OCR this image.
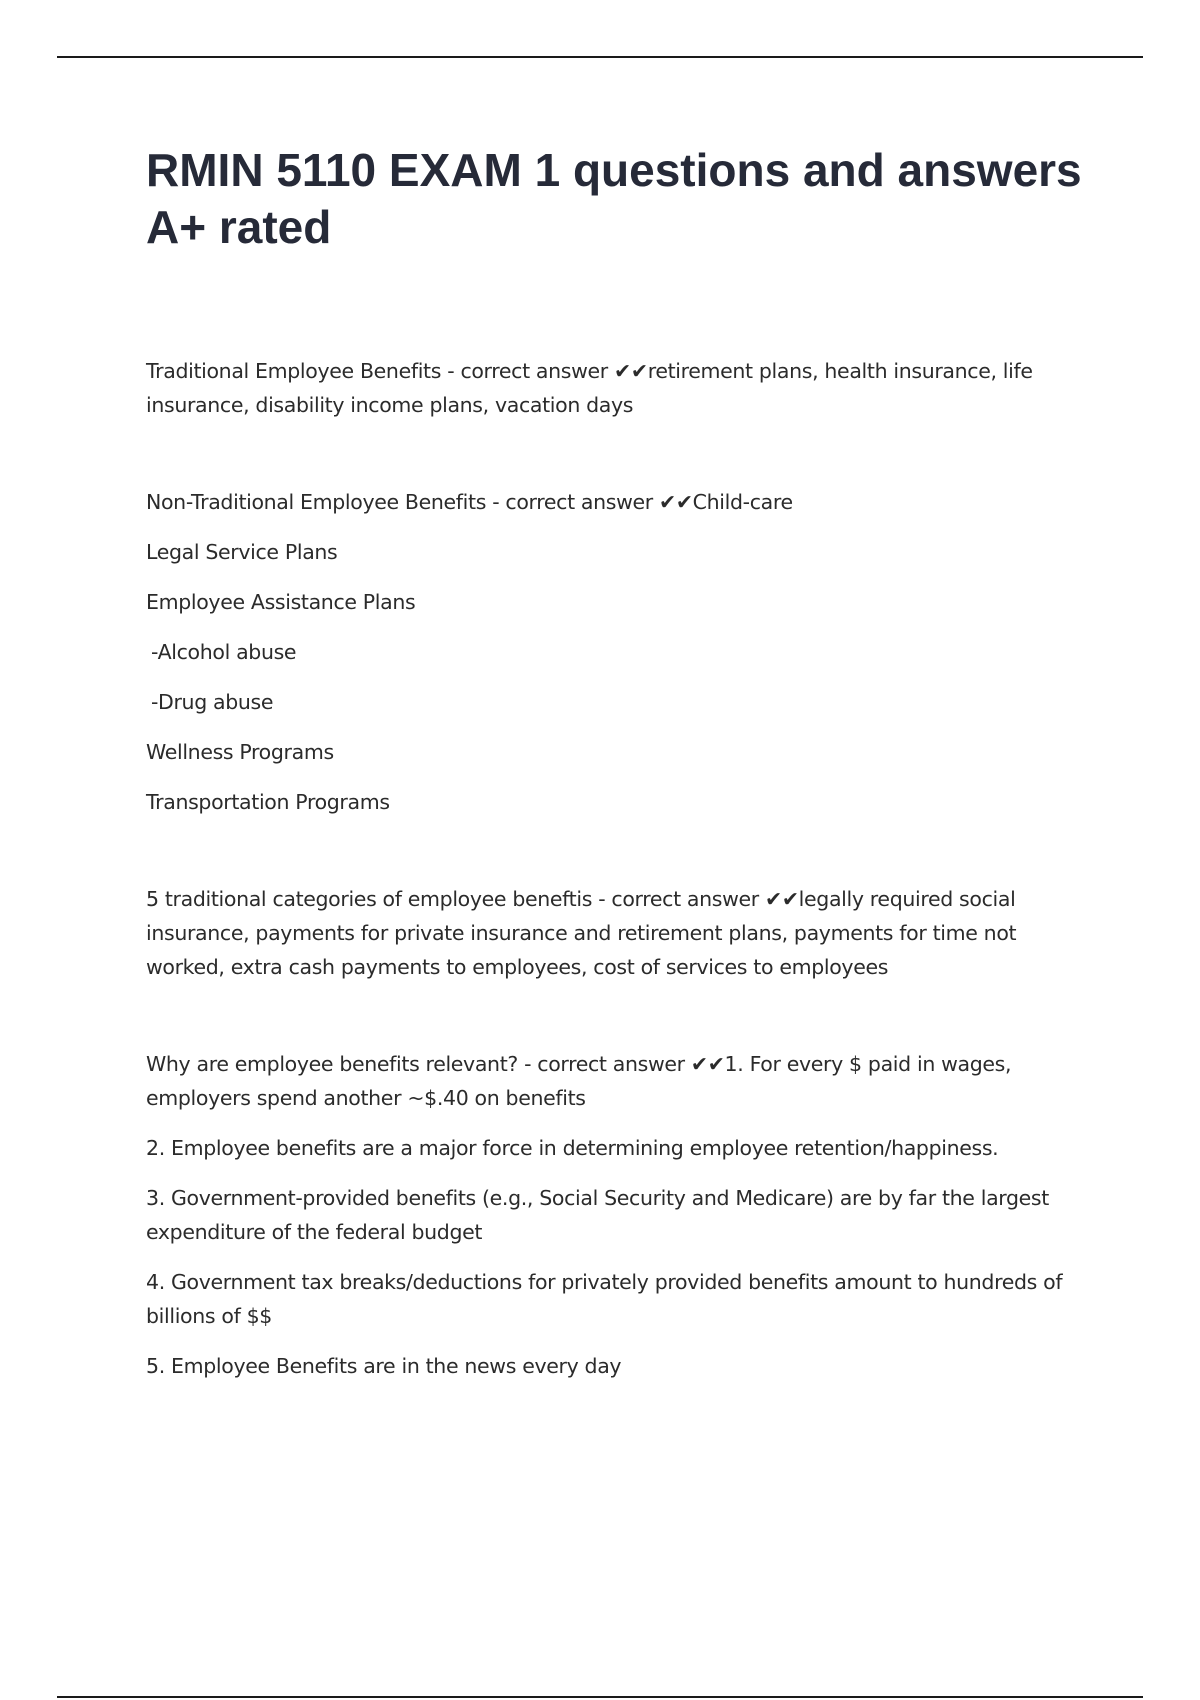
RMIN 5110 EXAM 1 questions and answers A+ rated

Traditional Employee Benefits - correct answer ✔✔retirement plans, health insurance, life insurance, disability income plans, vacation days

Non-Traditional Employee Benefits - correct answer ✔✔Child-care

Legal Service Plans

Employee Assistance Plans

-Alcohol abuse

-Drug abuse

Wellness Programs

Transportation Programs

5 traditional categories of employee beneftis - correct answer ✔✔legally required social insurance, payments for private insurance and retirement plans, payments for time not worked, extra cash payments to employees, cost of services to employees

Why are employee benefits relevant? - correct answer ✔✔1. For every $ paid in wages, employers spend another ~$.40 on benefits

2. Employee benefits are a major force in determining employee retention/happiness.

3. Government-provided benefits (e.g., Social Security and Medicare) are by far the largest expenditure of the federal budget

4. Government tax breaks/deductions for privately provided benefits amount to hundreds of billions of $$

5. Employee Benefits are in the news every day
